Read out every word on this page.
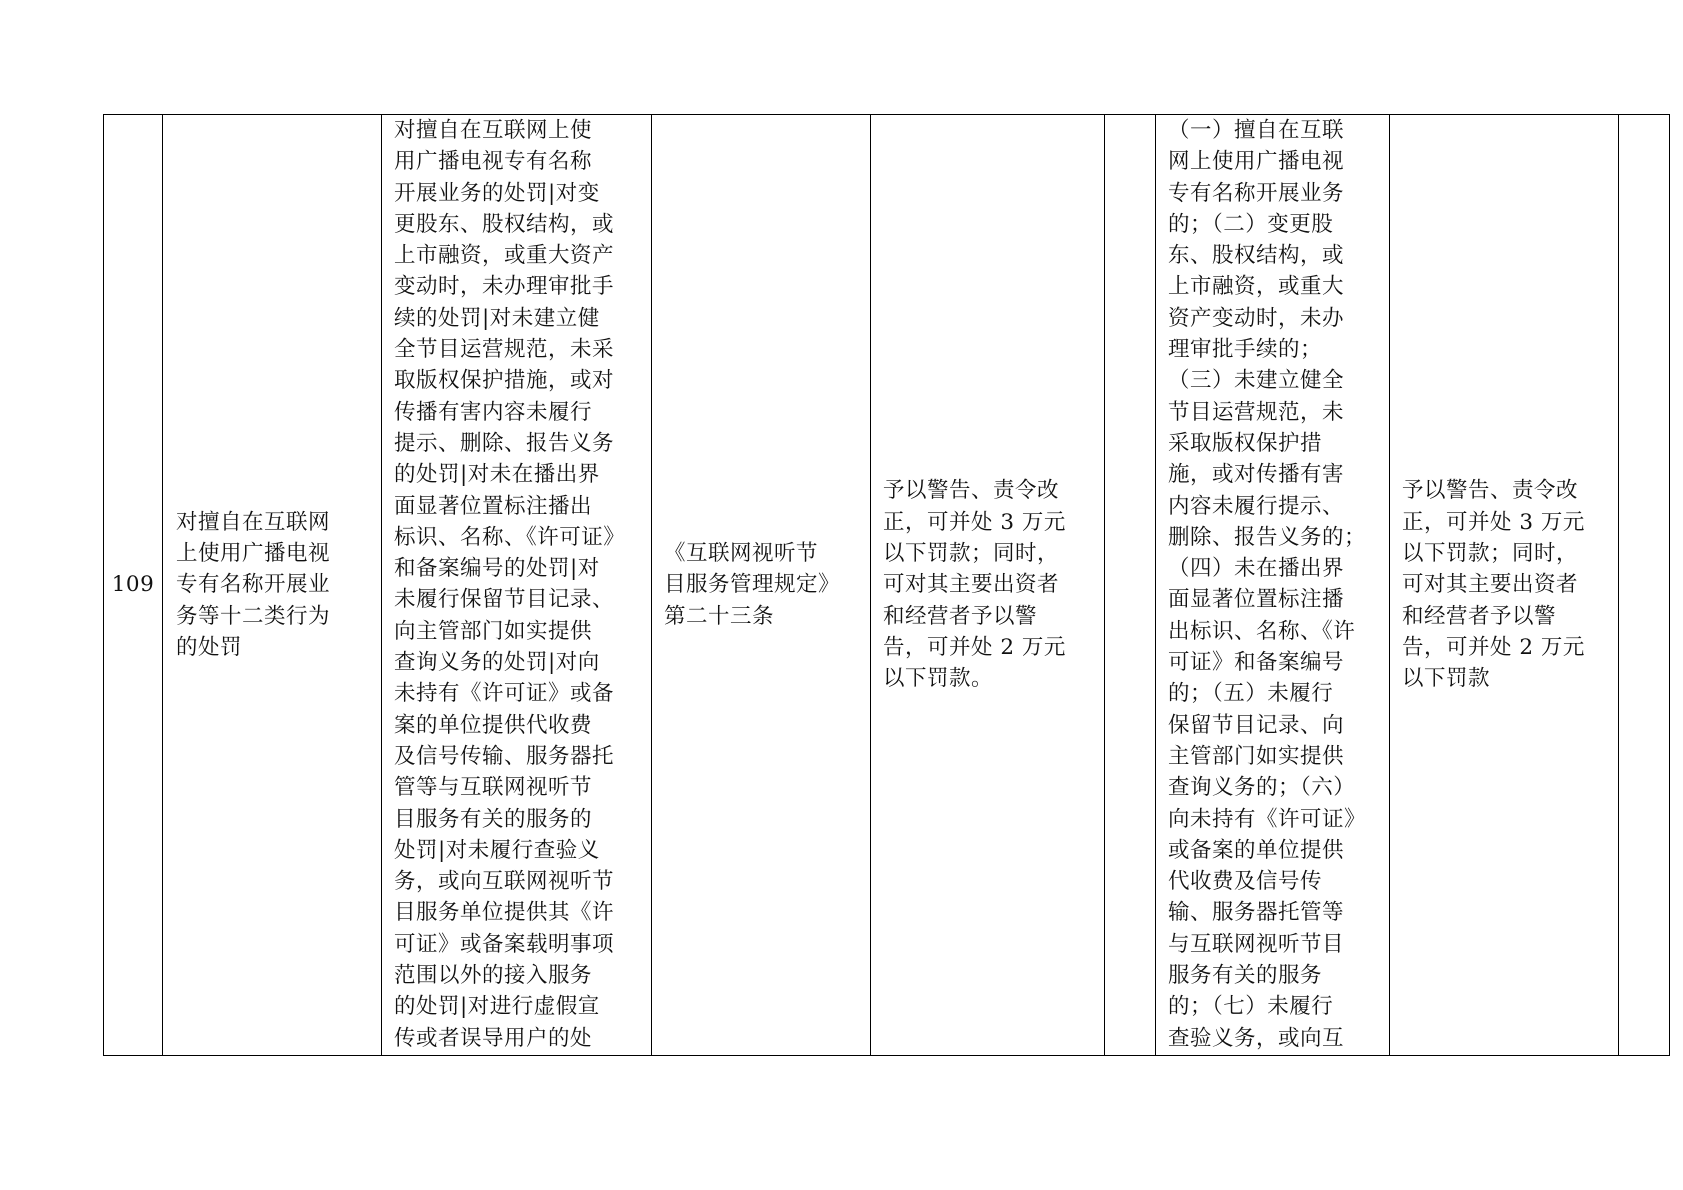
109

对擅自在互联网
上使用广播电视
专有名称开展业
务等十二类行为
的处罚

对擅自在互联网上使
用广播电视专有名称
开展业务的处罚|对变
更股东、股权结构，或
上市融资，或重大资产
变动时，未办理审批手
续的处罚|对未建立健
全节目运营规范，未采
取版权保护措施，或对
传播有害内容未履行
提示、删除、报告义务
的处罚|对未在播出界
面显著位置标注播出
标识、名称、《许可证》
和备案编号的处罚|对
未履行保留节目记录、
向主管部门如实提供
查询义务的处罚|对向
未持有《许可证》或备
案的单位提供代收费
及信号传输、服务器托
管等与互联网视听节
目服务有关的服务的
处罚|对未履行查验义
务，或向互联网视听节
目服务单位提供其《许
可证》或备案载明事项
范围以外的接入服务
的处罚|对进行虚假宣
传或者误导用户的处

《互联网视听节
目服务管理规定》
第二十三条

予以警告、责令改
正，可并处 3 万元
以下罚款；同时，
可对其主要出资者
和经营者予以警
告，可并处 2 万元
以下罚款。

（一）擅自在互联
网上使用广播电视
专有名称开展业务
的；（二）变更股
东、股权结构，或
上市融资，或重大
资产变动时，未办
理审批手续的；
（三）未建立健全
节目运营规范，未
采取版权保护措
施，或对传播有害
内容未履行提示、
删除、报告义务的；
（四）未在播出界
面显著位置标注播
出标识、名称、《许
可证》和备案编号
的；（五）未履行
保留节目记录、向
主管部门如实提供
查询义务的；（六）
向未持有《许可证》
或备案的单位提供
代收费及信号传
输、服务器托管等
与互联网视听节目
服务有关的服务
的；（七）未履行
查验义务，或向互

予以警告、责令改
正，可并处 3 万元
以下罚款；同时，
可对其主要出资者
和经营者予以警
告，可并处 2 万元
以下罚款
